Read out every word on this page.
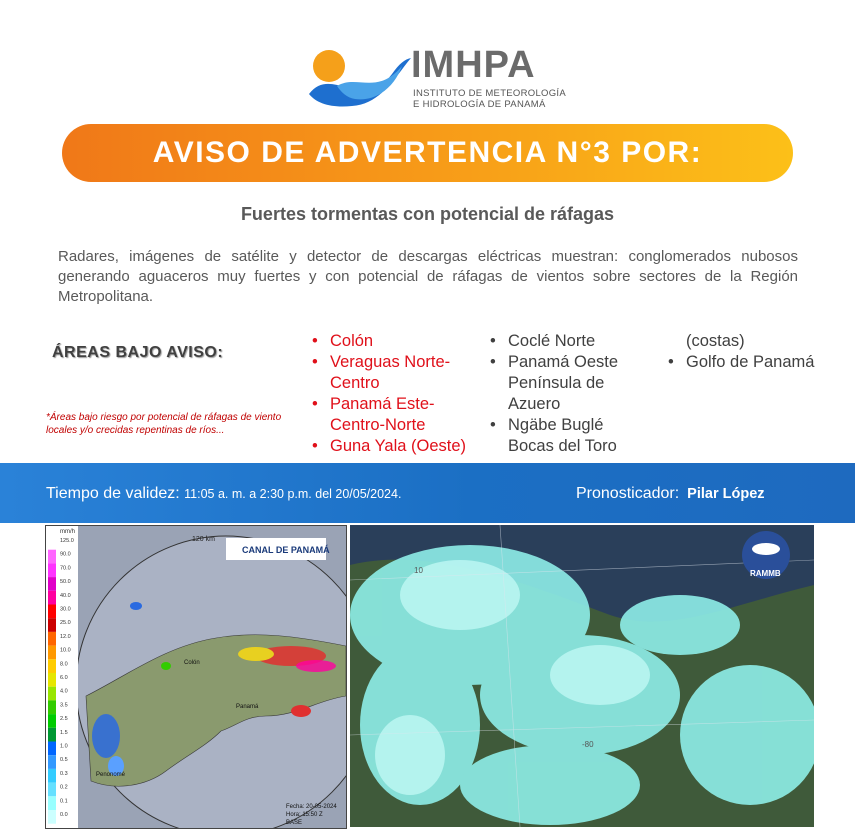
IMHPA
INSTITUTO DE METEOROLOGÍA
E HIDROLOGÍA DE PANAMÁ
AVISO DE ADVERTENCIA N°3 POR:
Fuertes tormentas con potencial de ráfagas
Radares, imágenes de satélite y detector de descargas eléctricas muestran: conglomerados nubosos generando aguaceros muy fuertes y con potencial de ráfagas de vientos sobre sectores de la Región Metropolitana.
ÁREAS BAJO AVISO:
*Áreas bajo riesgo por potencial de ráfagas de viento locales y/o crecidas repentinas de ríos...
• Colón
• Veraguas Norte-
Centro
• Panamá Este-
Centro-Norte
• Guna Yala (Oeste)
• Coclé Norte
• Panamá Oeste
Península de
Azuero
• Ngäbe Buglé
Bocas del Toro
(costas)
• Golfo de Panamá
Tiempo de validez: 11:05 a. m. a 2:30 p.m. del 20/05/2024.	Pronosticador: Pilar López
mm/h
125.0
90.0
70.0
50.0
40.0
30.0
25.0
12.0
10.0
8.0
6.0
4.0
3.5
2.5
1.5
1.0
0.5
0.3
0.2
0.1
0.0
CANAL DE PANAMÁ
120 km
Colón
Panamá
Penonomé
Fecha: 20-05-2024
Hora: 15:50 Z
BASE
10
-80
RAMMB
